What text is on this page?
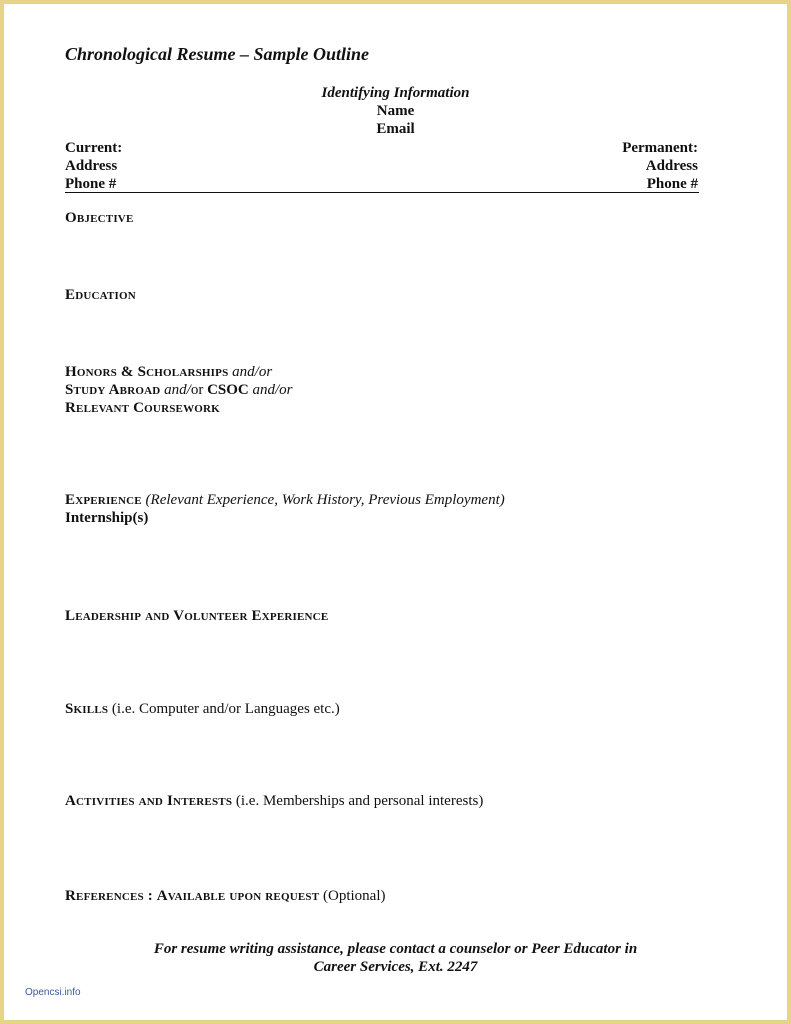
Chronological Resume – Sample Outline
Identifying Information
Name
Email
Current:
Address
Phone #
Permanent:
Address
Phone #
Objective
Education
Honors & Scholarships and/or
Study Abroad and/or CSOC and/or
Relevant Coursework
Experience (Relevant Experience, Work History, Previous Employment)
Internship(s)
Leadership and Volunteer Experience
Skills (i.e. Computer and/or Languages etc.)
Activities and Interests (i.e. Memberships and personal interests)
References : Available upon request (Optional)
For resume writing assistance, please contact a counselor or Peer Educator in
Career Services, Ext. 2247
Opencsi.info
